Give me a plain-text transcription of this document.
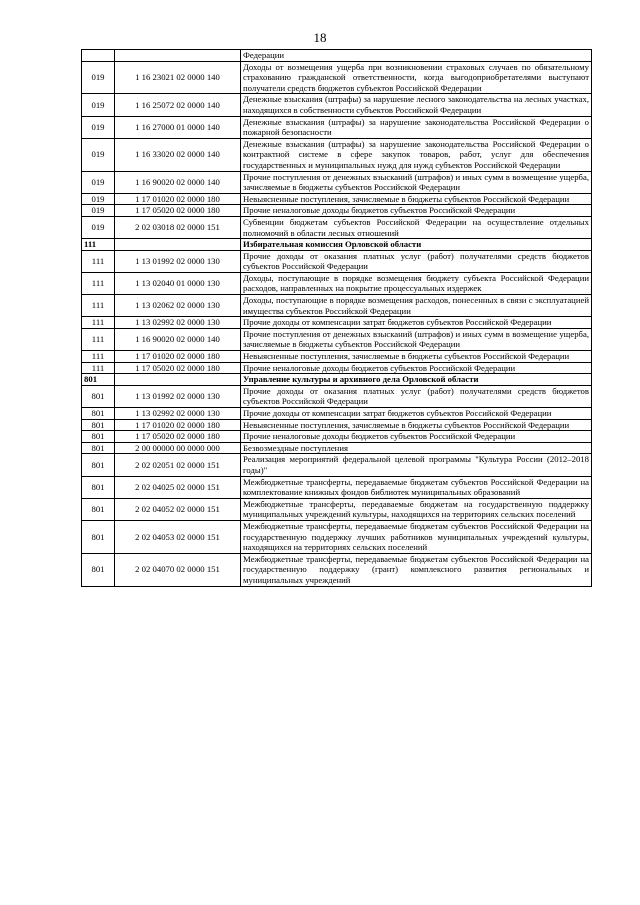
18
		Федерации
019	1 16 23021 02 0000 140	Доходы от возмещения ущерба при возникновении страховых случаев по обязательному страхованию гражданской ответственности, когда выгодоприобретателями выступают получатели средств бюджетов субъектов Российской Федерации
019	1 16 25072 02 0000 140	Денежные взыскания (штрафы) за нарушение лесного законодательства на лесных участках, находящихся в собственности субъектов Российской Федерации
019	1 16 27000 01 0000 140	Денежные взыскания (штрафы) за нарушение законодательства Российской Федерации о пожарной безопасности
019	1 16 33020 02 0000 140	Денежные взыскания (штрафы) за нарушение законодательства Российской Федерации о контрактной системе в сфере закупок товаров, работ, услуг для обеспечения государственных и муниципальных нужд для нужд субъектов Российской Федерации
019	1 16 90020 02 0000 140	Прочие поступления от денежных взысканий (штрафов) и иных сумм в возмещение ущерба, зачисляемые в бюджеты субъектов Российской Федерации
019	1 17 01020 02 0000 180	Невыясненные поступления, зачисляемые в бюджеты субъектов Российской Федерации
019	1 17 05020 02 0000 180	Прочие неналоговые доходы бюджетов субъектов Российской Федерации
019	2 02 03018 02 0000 151	Субвенции бюджетам субъектов Российской Федерации на осуществление отдельных полномочий в области лесных отношений
111		Избирательная комиссия Орловской области
111	1 13 01992 02 0000 130	Прочие доходы от оказания платных услуг (работ) получателями средств бюджетов субъектов Российской Федерации
111	1 13 02040 01 0000 130	Доходы, поступающие в порядке возмещения бюджету субъекта Российской Федерации расходов, направленных на покрытие процессуальных издержек
111	1 13 02062 02 0000 130	Доходы, поступающие в порядке возмещения расходов, понесенных в связи с эксплуатацией имущества субъектов Российской Федерации
111	1 13 02992 02 0000 130	Прочие доходы от компенсации затрат бюджетов субъектов Российской Федерации
111	1 16 90020 02 0000 140	Прочие поступления от денежных взысканий (штрафов) и иных сумм в возмещение ущерба, зачисляемые в бюджеты субъектов Российской Федерации
111	1 17 01020 02 0000 180	Невыясненные поступления, зачисляемые в бюджеты субъектов Российской Федерации
111	1 17 05020 02 0000 180	Прочие неналоговые доходы бюджетов субъектов Российской Федерации
801		Управление культуры и архивного дела Орловской области
801	1 13 01992 02 0000 130	Прочие доходы от оказания платных услуг (работ) получателями средств бюджетов субъектов Российской Федерации
801	1 13 02992 02 0000 130	Прочие доходы от компенсации затрат бюджетов субъектов Российской Федерации
801	1 17 01020 02 0000 180	Невыясненные поступления, зачисляемые в бюджеты субъектов Российской Федерации
801	1 17 05020 02 0000 180	Прочие неналоговые доходы бюджетов субъектов Российской Федерации
801	2 00 00000 00 0000 000	Безвозмездные поступления
801	2 02 02051 02 0000 151	Реализация мероприятий федеральной целевой программы "Культура России (2012–2018 годы)"
801	2 02 04025 02 0000 151	Межбюджетные трансферты, передаваемые бюджетам субъектов Российской Федерации на комплектование книжных фондов библиотек муниципальных образований
801	2 02 04052 02 0000 151	Межбюджетные трансферты, передаваемые бюджетам на государственную поддержку муниципальных учреждений культуры, находящихся на территориях сельских поселений
801	2 02 04053 02 0000 151	Межбюджетные трансферты, передаваемые бюджетам субъектов Российской Федерации на государственную поддержку лучших работников муниципальных учреждений культуры, находящихся на территориях сельских поселений
801	2 02 04070 02 0000 151	Межбюджетные трансферты, передаваемые бюджетам субъектов Российской Федерации на государственную поддержку (грант) комплексного развития региональных и муниципальных учреждений
